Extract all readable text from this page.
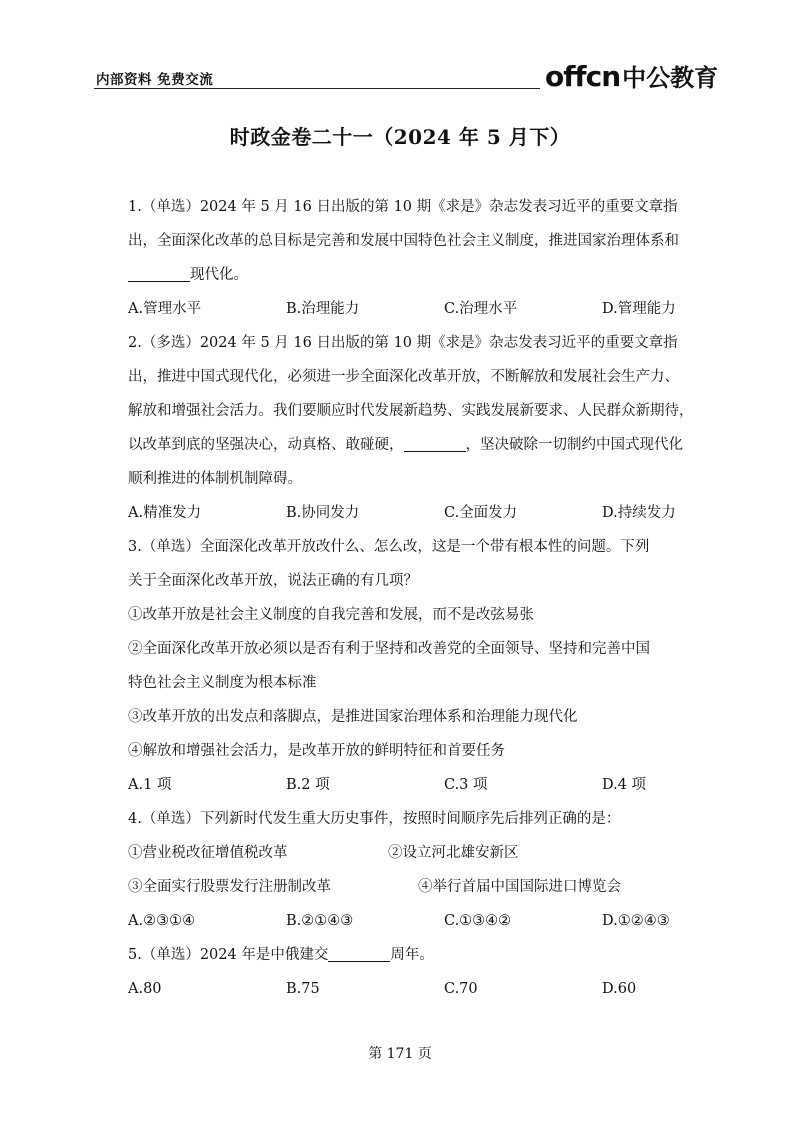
内部资料 免费交流	offcn 中公教育
时政金卷二十一（2024 年 5 月下）

1.（单选）2024 年 5 月 16 日出版的第 10 期《求是》杂志发表习近平的重要文章指

出，全面深化改革的总目标是完善和发展中国特色社会主义制度，推进国家治理体系和

现代化。

A.管理水平	B.治理能力	C.治理水平	D.管理能力

2.（多选）2024 年 5 月 16 日出版的第 10 期《求是》杂志发表习近平的重要文章指

出，推进中国式现代化，必须进一步全面深化改革开放，不断解放和发展社会生产力、

解放和增强社会活力。我们要顺应时代发展新趋势、实践发展新要求、人民群众新期待，

以改革到底的坚强决心，动真格、敢碰硬，	，坚决破除一切制约中国式现代化

顺利推进的体制机制障碍。

A.精准发力	B.协同发力	C.全面发力	D.持续发力

3.（单选）全面深化改革开放改什么、怎么改，这是一个带有根本性的问题。下列

关于全面深化改革开放，说法正确的有几项？

①改革开放是社会主义制度的自我完善和发展，而不是改弦易张

②全面深化改革开放必须以是否有利于坚持和改善党的全面领导、坚持和完善中国

特色社会主义制度为根本标准

③改革开放的出发点和落脚点，是推进国家治理体系和治理能力现代化

④解放和增强社会活力，是改革开放的鲜明特征和首要任务

A.1 项	B.2 项	C.3 项	D.4 项

4.（单选）下列新时代发生重大历史事件，按照时间顺序先后排列正确的是：

①营业税改征增值税改革	②设立河北雄安新区
③全面实行股票发行注册制改革	④举行首届中国国际进口博览会
A.②③①④	B.②①④③	C.①③④②	D.①②④③

5.（单选）2024 年是中俄建交	周年。

A.80	B.75	C.70	D.60
第 171 页
